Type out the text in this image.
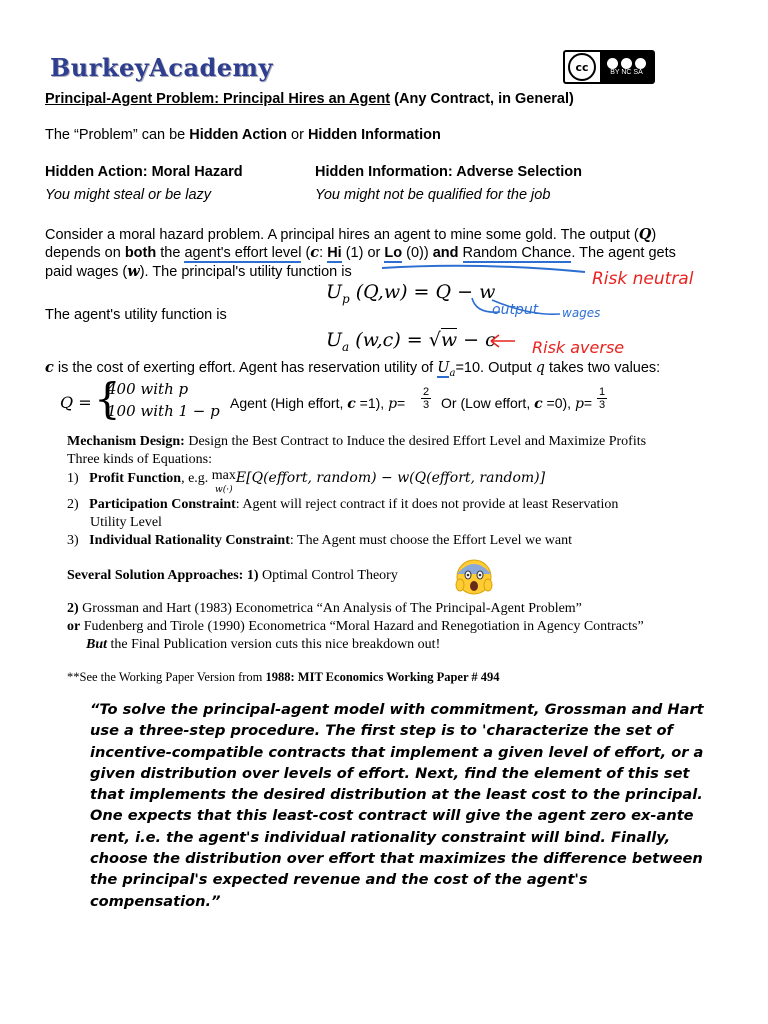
BurkeyAcademy	cc	BY NC SA
Principal-Agent Problem: Principal Hires an Agent (Any Contract, in General)
The “Problem” can be Hidden Action or Hidden Information
Hidden Action: Moral Hazard
You might steal or be lazy
Hidden Information: Adverse Selection
You might not be qualified for the job
Consider a moral hazard problem. A principal hires an agent to mine some gold. The output (Q)
depends on both the agent's effort level (c: Hi (1) or Lo (0)) and Random Chance. The agent gets
paid wages (w). The principal's utility function is
$U_p$ (Q,w) = Q − w
Risk neutral
output wages
The agent's utility function is
$U_a$ (w,c) = √w − c Risk averse
c is the cost of exerting effort. Agent has reservation utility of $U_a=10$. Output q takes two values:
Q = {
400 with p
100 with 1 − p Agent (High effort, c =1), $p= \frac{2}{3}$ Or (Low effort, c =0), $p= \frac{1}{3}$
Mechanism Design: Design the Best Contract to Induce the desired Effort Level and Maximize Profits
Three kinds of Equations:
1) Profit Function, e.g. max
w(·)E[Q(effort, random) − w(Q(effort, random)]
2) Participation Constraint: Agent will reject contract if it does not provide at least Reservation
Utility Level
3) Individual Rationality Constraint: The Agent must choose the Effort Level we want
Several Solution Approaches: 1) Optimal Control Theory
2) Grossman and Hart (1983) Econometrica “An Analysis of The Principal-Agent Problem”
or Fudenberg and Tirole (1990) Econometrica “Moral Hazard and Renegotiation in Agency Contracts”
But the Final Publication version cuts this nice breakdown out!
**See the Working Paper Version from 1988: MIT Economics Working Paper # 494
“To solve the principal-agent model with commitment, Grossman and Hart use a three-step procedure. The first step is to 'characterize the set of incentive-compatible contracts that implement a given level of effort, or a given distribution over levels of effort. Next, find the element of this set that implements the desired distribution at the least cost to the principal. One expects that this least-cost contract will give the agent zero ex-ante rent, i.e. the agent's individual rationality constraint will bind. Finally, choose the distribution over effort that maximizes the difference between the principal's expected revenue and the cost of the agent's compensation.”
